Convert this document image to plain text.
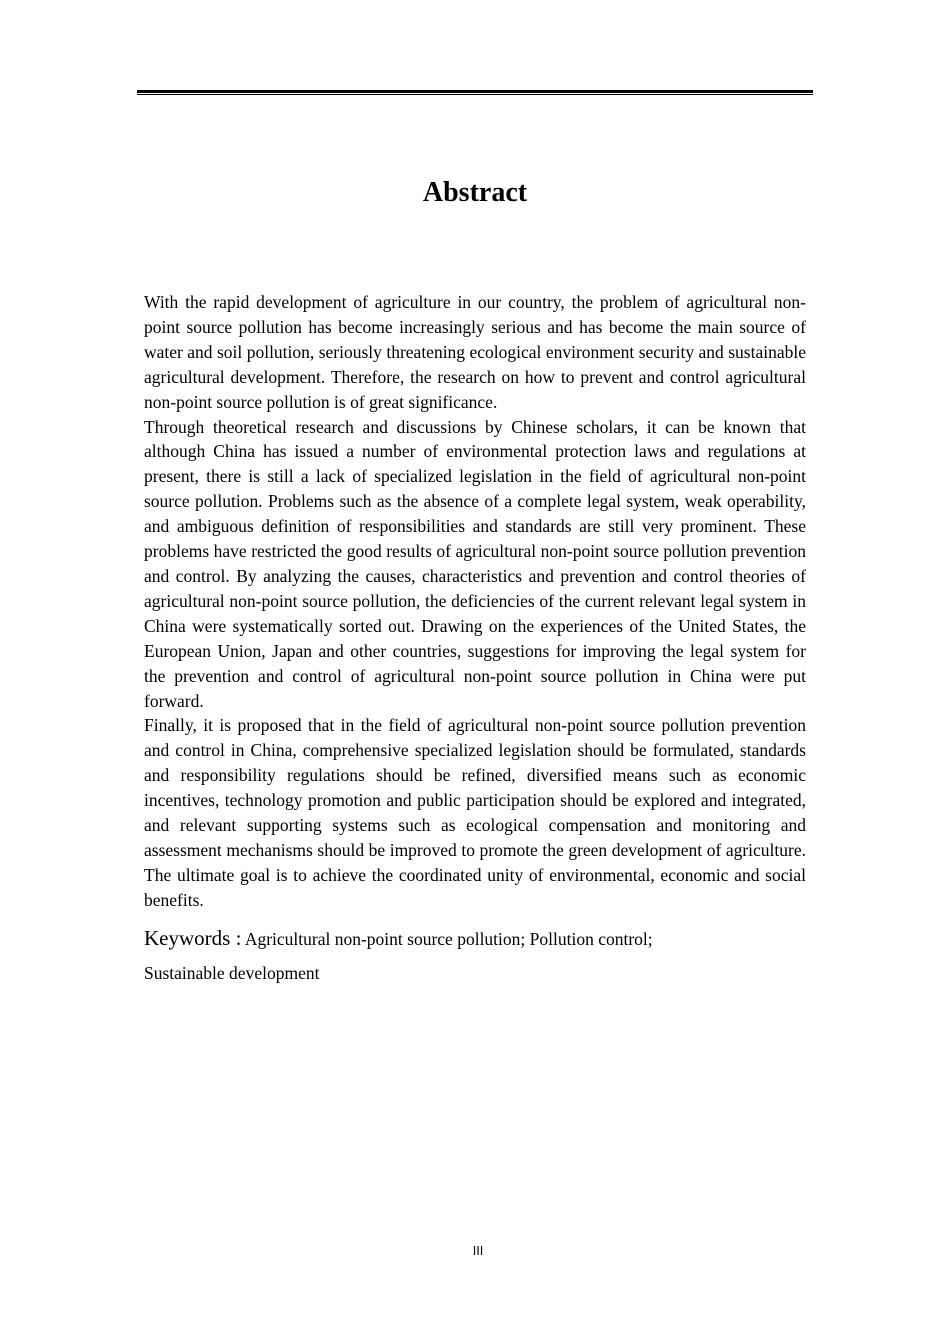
Abstract

With the rapid development of agriculture in our country, the problem of agricultural non-point source pollution has become increasingly serious and has become the main source of water and soil pollution, seriously threatening ecological environment security and sustainable agricultural development. Therefore, the research on how to prevent and control agricultural non-point source pollution is of great significance.

Through theoretical research and discussions by Chinese scholars, it can be known that although China has issued a number of environmental protection laws and regulations at present, there is still a lack of specialized legislation in the field of agricultural non-point source pollution. Problems such as the absence of a complete legal system, weak operability, and ambiguous definition of responsibilities and standards are still very prominent. These problems have restricted the good results of agricultural non-point source pollution prevention and control. By analyzing the causes, characteristics and prevention and control theories of agricultural non-point source pollution, the deficiencies of the current relevant legal system in China were systematically sorted out. Drawing on the experiences of the United States, the European Union, Japan and other countries, suggestions for improving the legal system for the prevention and control of agricultural non-point source pollution in China were put forward.

Finally, it is proposed that in the field of agricultural non-point source pollution prevention and control in China, comprehensive specialized legislation should be formulated, standards and responsibility regulations should be refined, diversified means such as economic incentives, technology promotion and public participation should be explored and integrated, and relevant supporting systems such as ecological compensation and monitoring and assessment mechanisms should be improved to promote the green development of agriculture. The ultimate goal is to achieve the coordinated unity of environmental, economic and social benefits.

Keywords : Agricultural non-point source pollution; Pollution control;

Sustainable development

III
